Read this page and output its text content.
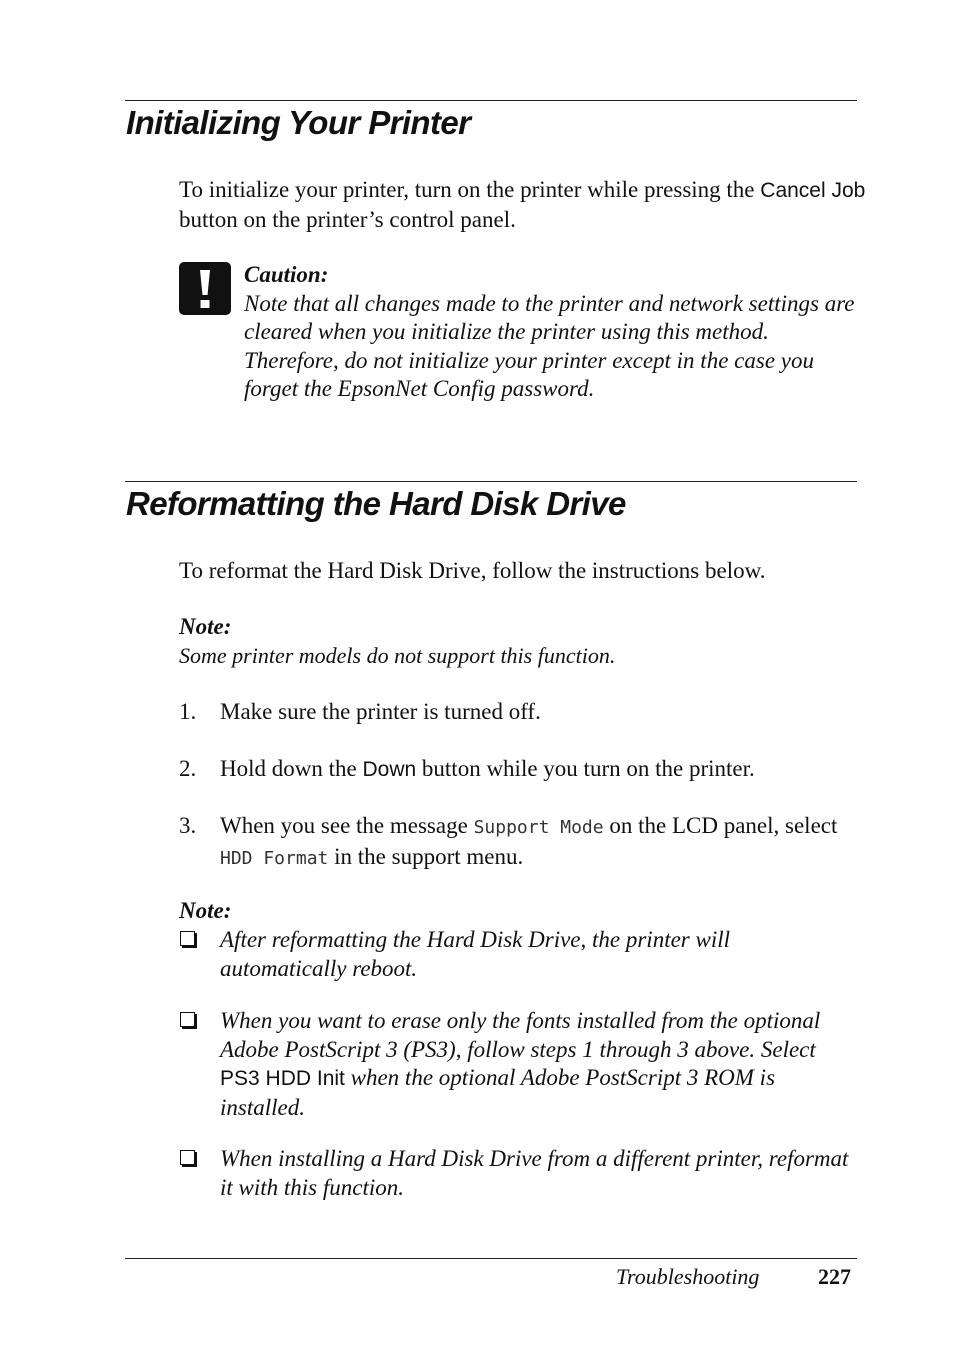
Initializing Your Printer

To initialize your printer, turn on the printer while pressing the Cancel Job button on the printer’s control panel.

Caution:
Note that all changes made to the printer and network settings are cleared when you initialize the printer using this method. Therefore, do not initialize your printer except in the case you forget the EpsonNet Config password.
Reformatting the Hard Disk Drive

To reformat the Hard Disk Drive, follow the instructions below.

Note:

Some printer models do not support this function.

1. Make sure the printer is turned off.
2. Hold down the Down button while you turn on the printer.
3. When you see the message Support Mode on the LCD panel, select HDD Format in the support menu.

Note:

After reformatting the Hard Disk Drive, the printer will automatically reboot.
When you want to erase only the fonts installed from the optional Adobe PostScript 3 (PS3), follow steps 1 through 3 above. Select PS3 HDD Init when the optional Adobe PostScript 3 ROM is installed.
When installing a Hard Disk Drive from a different printer, reformat it with this function.
Troubleshooting	227
